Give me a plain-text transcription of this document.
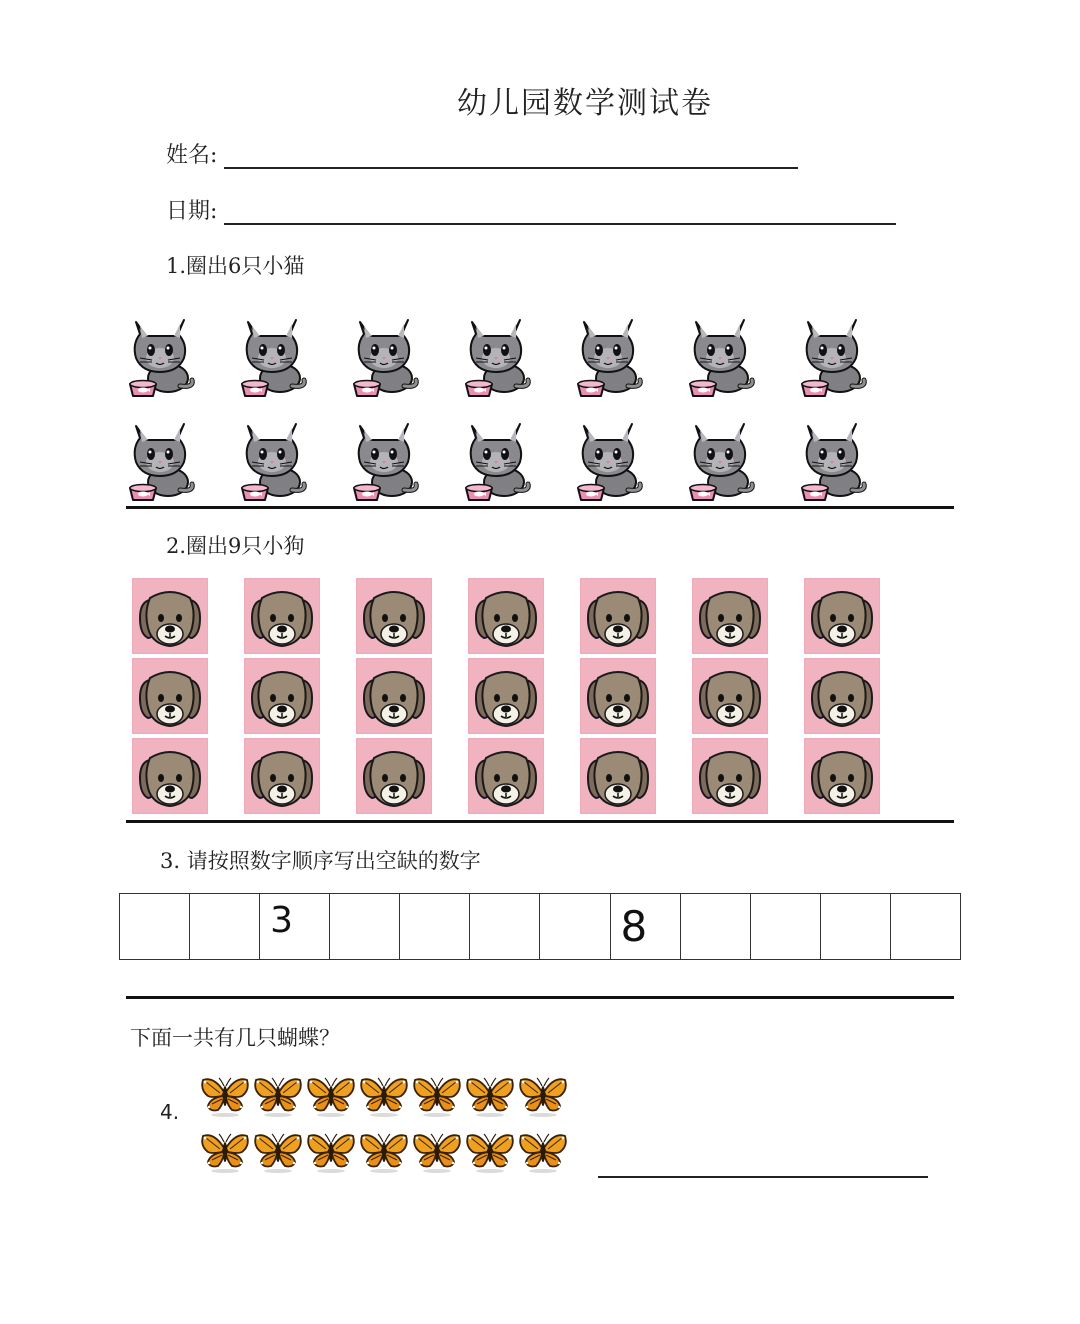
幼儿园数学测试卷
姓名:
日期:
1.圈出6只小猫
2.圈出9只小狗
3. 请按照数字顺序写出空缺的数字
3	8
下面一共有几只蝴蝶？
4.
